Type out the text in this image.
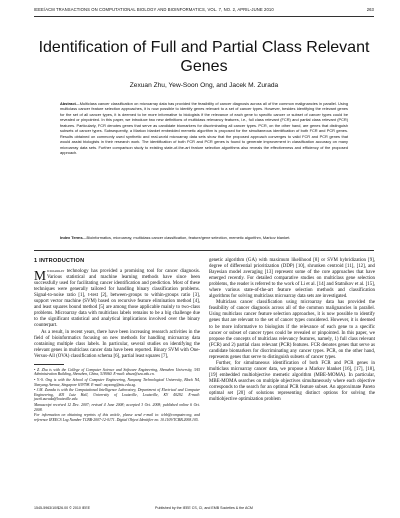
IEEE/ACM TRANSACTIONS ON COMPUTATIONAL BIOLOGY AND BIOINFORMATICS, VOL. 7, NO. 2, APRIL-JUNE 2010	263
Identification of Full and Partial Class Relevant Genes
Zexuan Zhu, Yew-Soon Ong, and Jacek M. Zurada
Abstract—Multiclass cancer classification on microarray data has provided the feasibility of cancer diagnosis across all of the common malignancies in parallel. Using multiclass cancer feature selection approaches, it is now possible to identify genes relevant to a set of cancer types. However, besides identifying the relevant genes for the set of all cancer types, it is deemed to be more informative to biologists if the relevance of each gene to specific cancer or subset of cancer types could be revealed or pinpointed. In this paper, we introduce two new definitions of multiclass relevancy features, i.e., full class relevant (FCR) and partial class relevant (PCR) features. Particularly, FCR denotes genes that serve as candidate biomarkers for discriminating all cancer types. PCR, on the other hand, are genes that distinguish subsets of cancer types. Subsequently, a Markov blanket embedded memetic algorithm is proposed for the simultaneous identification of both FCR and PCR genes. Results obtained on commonly used synthetic and real-world microarray data sets show that the proposed approach converges to valid FCR and PCR genes that would assist biologists in their research work. The identification of both FCR and PCR genes is found to generate improvement in classification accuracy on many microarray data sets. Further comparison study to existing state-of-the-art feature selection algorithms also reveals the effectiveness and efficiency of the proposed approach.
Index Terms—Bioinformatics, microarray, multiclass cancer classification, feature/gene selection, memetic algorithm, Markov blanket.
1 INTRODUCTION

Microarray technology has provided a promising tool for cancer diagnosis. Various statistical and machine learning methods have since been successfully used for facilitating cancer identification and prediction. Most of these techniques were generally tailored for handling binary classification problems. Signal-to-noise ratio [1], t-test [2], between-groups to within-groups ratio [3], support vector machine (SVM) based on recursive feature elimination method [4], and least squares bound method [5] are among those applicable mainly to two-class problems. Microarray data with multiclass labels remains to be a big challenge due to the significant statistical and analytical implications involved over the binary counterpart.

As a result, in recent years, there have been increasing research activities in the field of bioinformatics focusing on new methods for handling microarray data containing multiple class labels. In particular, several studies on identifying the relevant genes in multiclass cancer data have been reported. Binary SVM with One-Versus-All (OVA) classification schema [6], partial least squares [7],

• Z. Zhu is with the College of Computer Science and Software Engineering, Shenzhen University, 3A5 Administration Building, Shenzhen, China, 518060. E-mail: zhuzx@szu.edu.cn.
• Y.-S. Ong is with the School of Computer Engineering, Nanyang Technological University, Block N4, Nanyang Avenue, Singapore 639798. E-mail: asysong@ntu.edu.sg.
• J.M. Zurada is with the Computational Intelligence Laboratory, Department of Electrical and Computer Engineering, 405 Lutz Hall, University of Louisville, Louisville, KY 40292. E-mail: jacek.zurada@louisville.edu.
Manuscript received 12 Dec. 2007; revised 4 June 2008; accepted 3 Oct. 2008; published online 6 Oct. 2008.
For information on obtaining reprints of this article, please send e-mail to: tcbb@computer.org, and reference IEEECS Log Number TCBB-2007-12-0171. Digital Object Identifier no. 10.1109/TCBB.2008.105.

genetic algorithm (GA) with maximum likelihood [8] or SVM hybridization [9], degree of differential prioritization (DDP) [10], shrunken centroid [11], [12], and Bayesian model averaging [13] represent some of the core approaches that have emerged recently. For detailed comparative studies on multiclass gene selection problems, the reader is referred to the work of Li et al. [14] and Statnikov et al. [15], where various state-of-the-art feature selection methods and classification algorithms for solving multiclass microarray data sets are investigated.

Multiclass cancer classification using microarray data has provided the feasibility of cancer diagnosis across all of the common malignancies in parallel. Using multiclass cancer feature selection approaches, it is now possible to identify genes that are relevant to the set of cancer types considered. However, it is deemed to be more informative to biologists if the relevance of each gene to a specific cancer or subset of cancer types could be revealed or pinpointed. In this paper, we propose the concepts of multiclass relevancy features, namely, 1) full class relevant (FCR) and 2) partial class relevant (PCR) features. FCR denotes genes that serve as candidate biomarkers for discriminating any cancer types. PCR, on the other hand, represents genes that serve to distinguish subsets of cancer types.

Further, for simultaneous identification of both FCR and PCR genes in multiclass microarray cancer data, we propose a Markov blanket [16], [17], [18], [19] embedded multiobjective memetic algorithm (MBE-MOMA). In particular, MBE-MOMA searches on multiple objectives simultaneously where each objective corresponds to the search for an optimal PCR feature subset. An approximate Pareto optimal set [20] of solutions representing distinct options for solving the multiobjective optimization problem

1545-5963/10/$26.00 © 2010 IEEE	Published by the IEEE CS, CI, and EMB Societies & the ACM
